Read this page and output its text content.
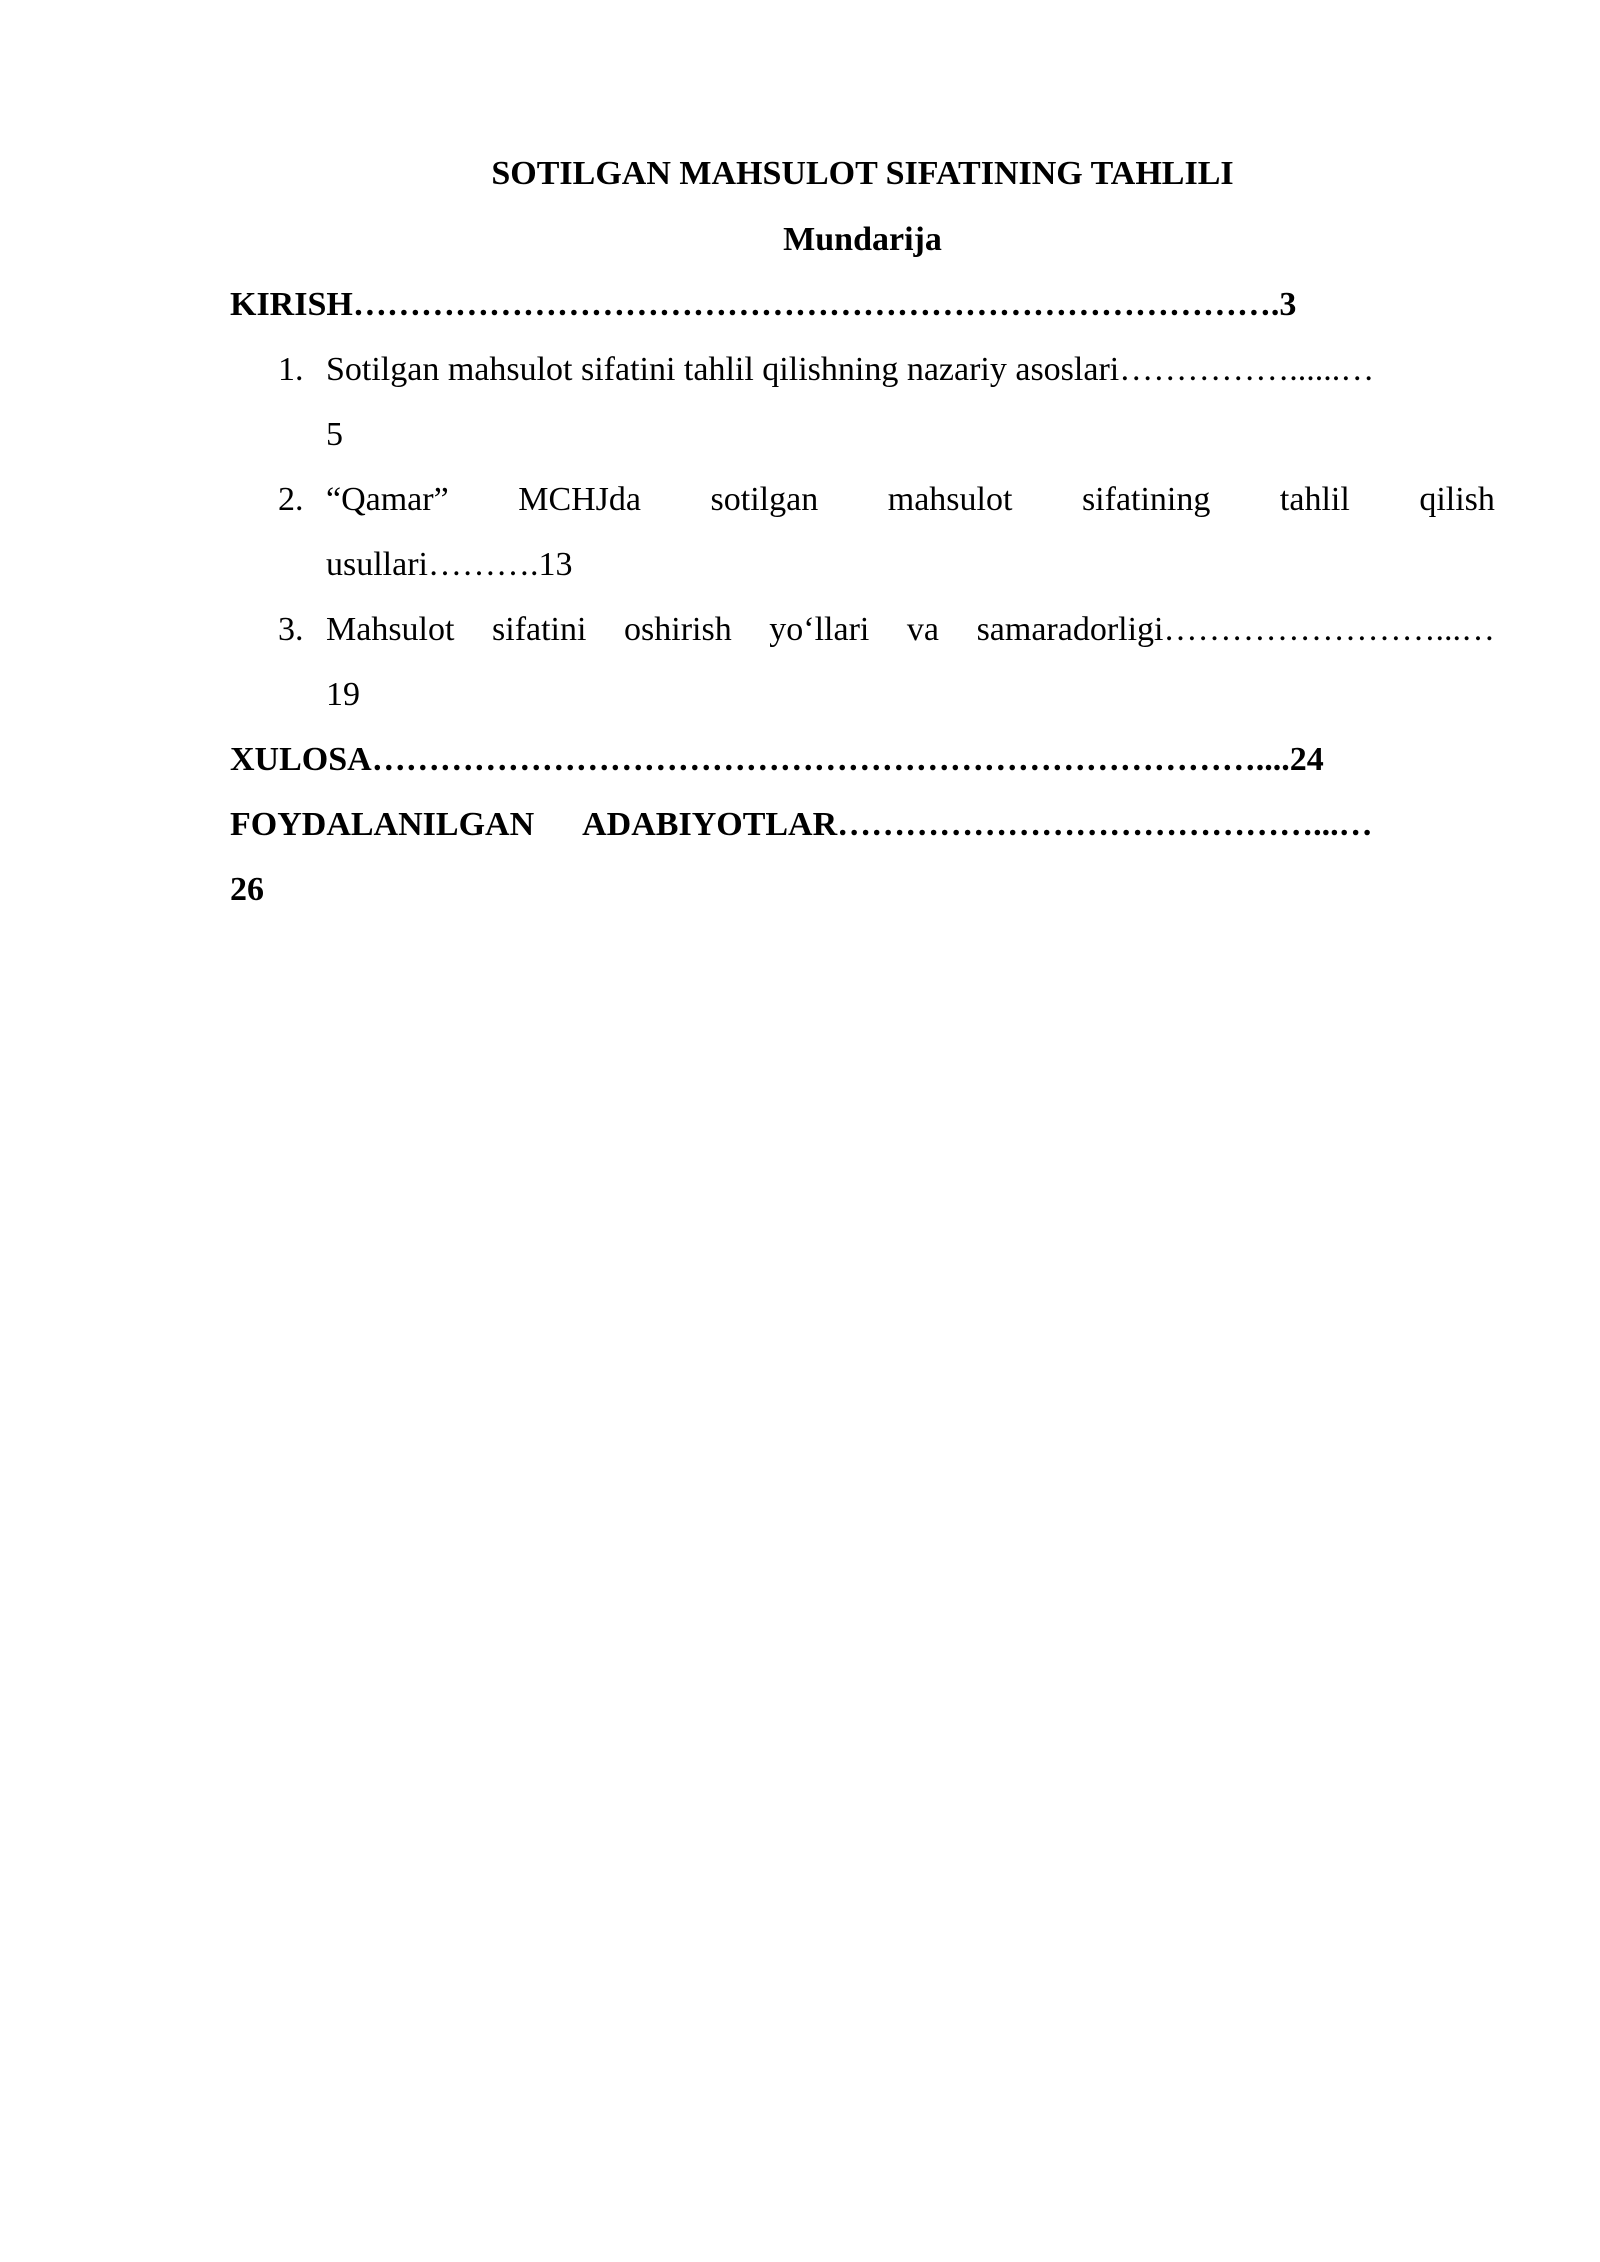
SOTILGAN MAHSULOT SIFATINING TAHLILI
Mundarija
KIRISH……………………………………………………………………….3
1. Sotilgan mahsulot sifatini tahlil qilishning nazariy asoslari……………......…
5
2. “Qamar” MCHJda sotilgan mahsulot sifatining tahlil qilish
usullari……….13
3. Mahsulot sifatini oshirish yo‘llari va samaradorligi……………………...…
19
XULOSA……………………………………………………………………....24
FOYDALANILGAN ADABIYOTLAR……………………………………...…
26
